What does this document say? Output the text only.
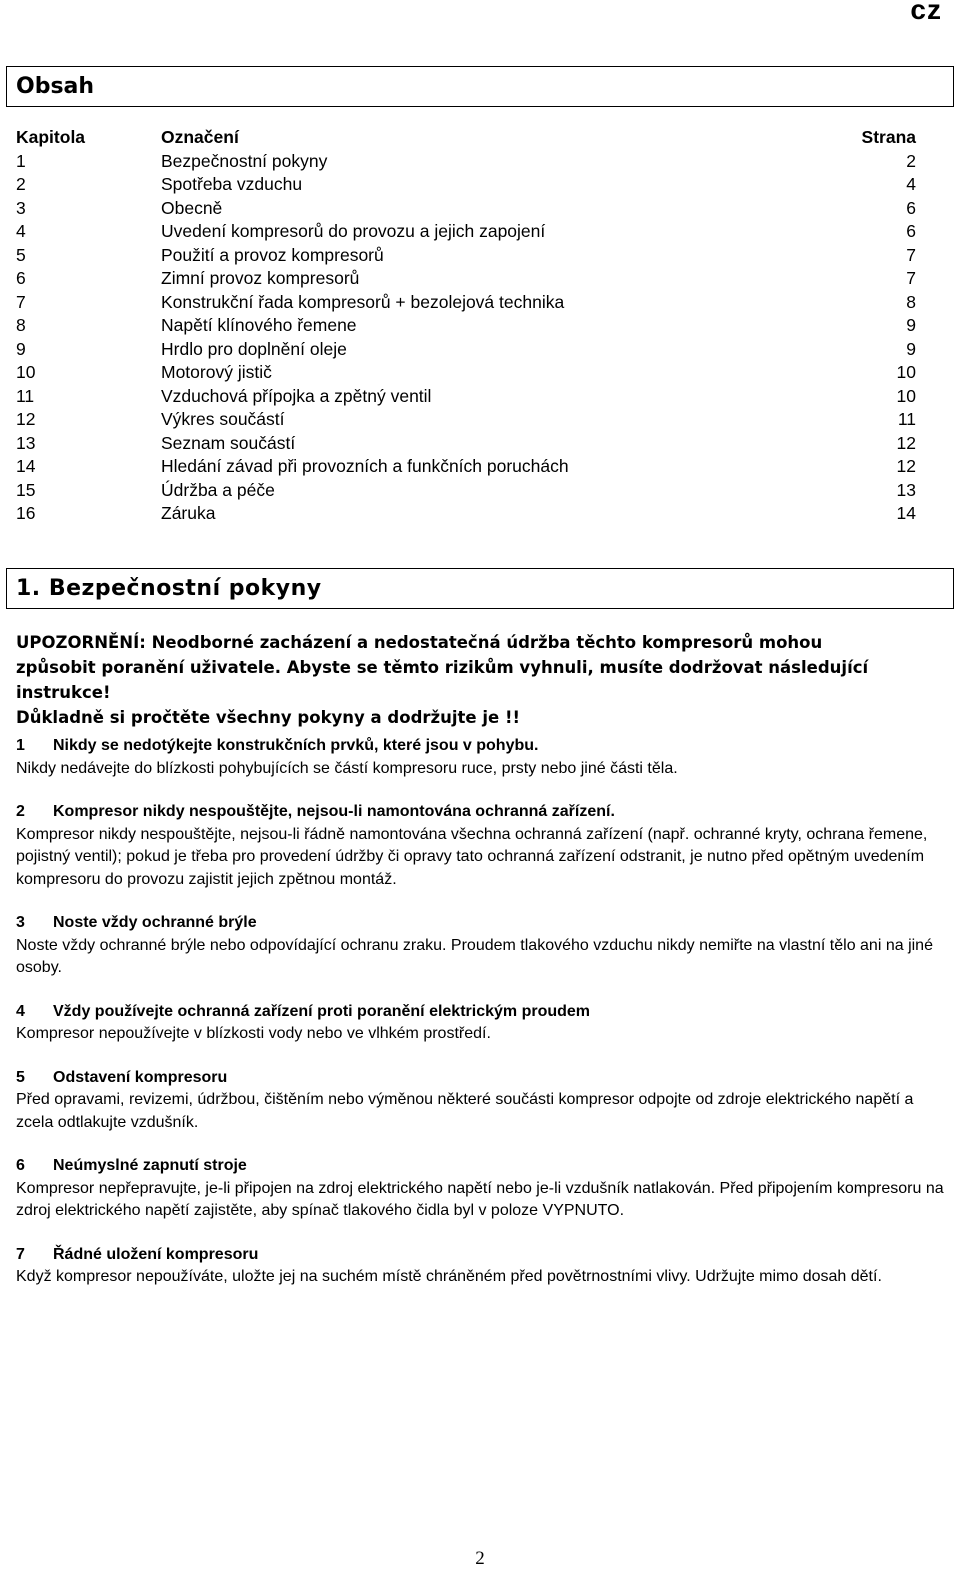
cz
Obsah
Kapitola	Označení	Strana
1	Bezpečnostní pokyny	2
2	Spotřeba vzduchu	4
3	Obecně	6
4	Uvedení kompresorů do provozu a jejich zapojení	6
5	Použití a provoz kompresorů	7
6	Zimní provoz kompresorů	7
7	Konstrukční řada kompresorů + bezolejová technika	8
8	Napětí klínového řemene	9
9	Hrdlo pro doplnění oleje	9
10	Motorový jistič	10
11	Vzduchová přípojka a zpětný ventil	10
12	Výkres součástí	11
13	Seznam součástí	12
14	Hledání závad při provozních a funkčních poruchách	12
15	Údržba a péče	13
16	Záruka	14
1. Bezpečnostní pokyny
UPOZORNĚNÍ: Neodborné zacházení a nedostatečná údržba těchto kompresorů mohou
způsobit poranění uživatele. Abyste se těmto rizikům vyhnuli, musíte dodržovat následující
instrukce!
Důkladně si pročtěte všechny pokyny a dodržujte je !!
1 Nikdy se nedotýkejte konstrukčních prvků, které jsou v pohybu.
Nikdy nedávejte do blízkosti pohybujících se částí kompresoru ruce, prsty nebo jiné části těla.
2 Kompresor nikdy nespouštějte, nejsou-li namontována ochranná zařízení.
Kompresor nikdy nespouštějte, nejsou-li řádně namontována všechna ochranná zařízení (např. ochranné kryty, ochrana řemene, pojistný ventil); pokud je třeba pro provedení údržby či opravy tato ochranná zařízení odstranit, je nutno před opětným uvedením kompresoru do provozu zajistit jejich zpětnou montáž.
3 Noste vždy ochranné brýle
Noste vždy ochranné brýle nebo odpovídající ochranu zraku. Proudem tlakového vzduchu nikdy nemiřte na vlastní tělo ani na jiné osoby.
4 Vždy používejte ochranná zařízení proti poranění elektrickým proudem
Kompresor nepoužívejte v blízkosti vody nebo ve vlhkém prostředí.
5 Odstavení kompresoru
Před opravami, revizemi, údržbou, čištěním nebo výměnou některé součásti kompresor odpojte od zdroje elektrického napětí a zcela odtlakujte vzdušník.
6 Neúmyslné zapnutí stroje
Kompresor nepřepravujte, je-li připojen na zdroj elektrického napětí nebo je-li vzdušník natlakován. Před připojením kompresoru na zdroj elektrického napětí zajistěte, aby spínač tlakového čidla byl v poloze VYPNUTO.
7 Řádné uložení kompresoru
Když kompresor nepoužíváte, uložte jej na suchém místě chráněném před povětrnostními vlivy. Udržujte mimo dosah dětí.
2
